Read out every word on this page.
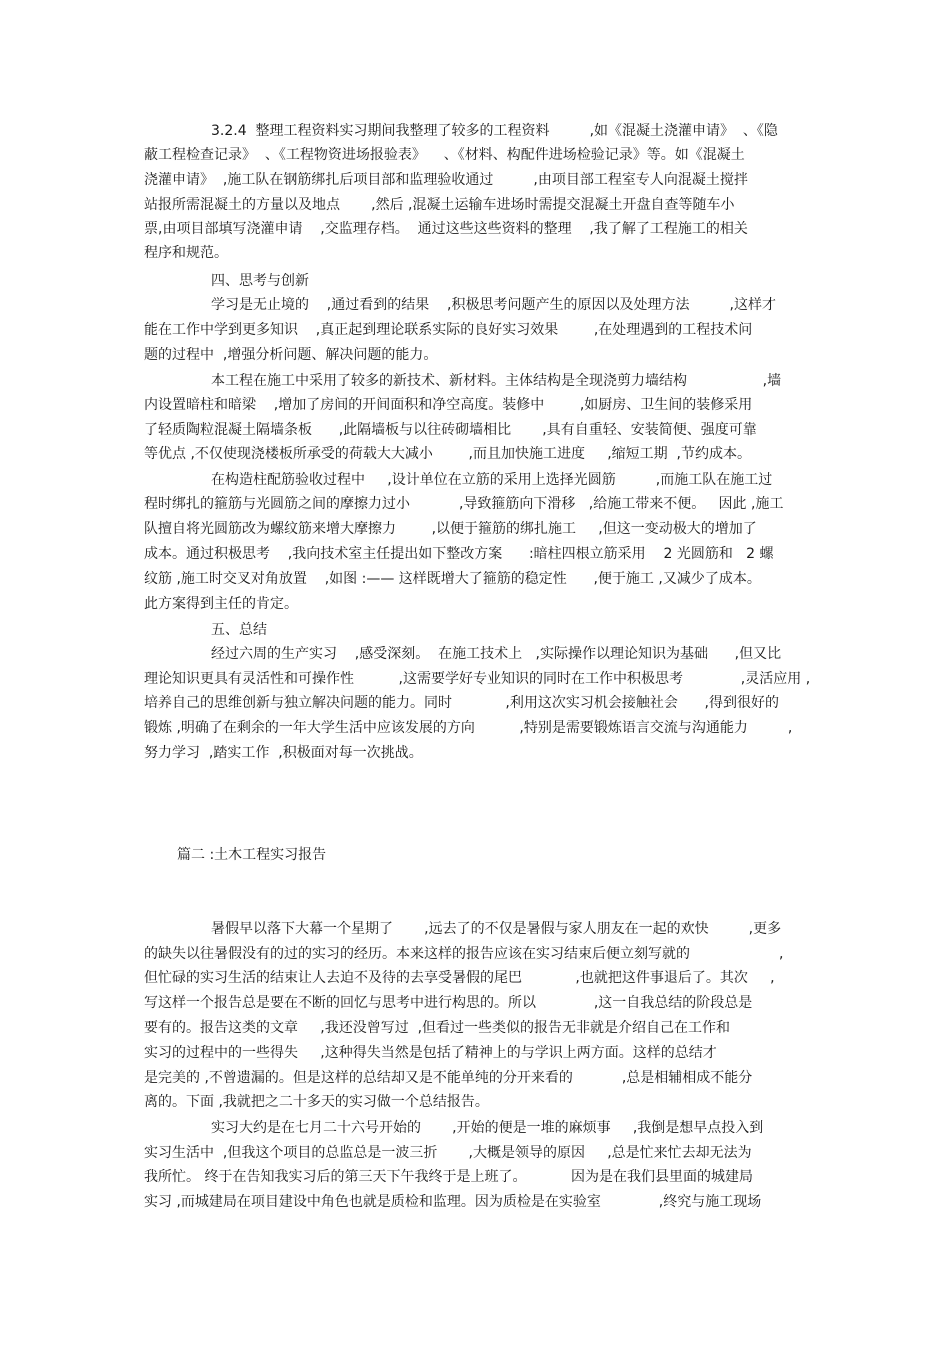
3.2.4  整理工程资料实习期间我整理了较多的工程资料         ,如《混凝土浇灌申请》  、《隐
蔽工程检查记录》  、《工程物资进场报验表》    、《材料、构配件进场检验记录》等。如《混凝土
浇灌申请》  ,施工队在钢筋绑扎后项目部和监理验收通过         ,由项目部工程室专人向混凝土搅拌
站报所需混凝土的方量以及地点       ,然后 ,混凝土运输车进场时需提交混凝土开盘自查等随车小
票,由项目部填写浇灌申请    ,交监理存档。  通过这些这些资料的整理    ,我了解了工程施工的相关
程序和规范。
四、思考与创新
学习是无止境的    ,通过看到的结果    ,积极思考问题产生的原因以及处理方法         ,这样才
能在工作中学到更多知识    ,真正起到理论联系实际的良好实习效果        ,在处理遇到的工程技术问
题的过程中  ,增强分析问题、解决问题的能力。
本工程在施工中采用了较多的新技术、新材料。主体结构是全现浇剪力墙结构                 ,墙
内设置暗柱和暗梁    ,增加了房间的开间面积和净空高度。装修中        ,如厨房、卫生间的装修采用
了轻质陶粒混凝土隔墙条板      ,此隔墙板与以往砖砌墙相比       ,具有自重轻、安装简便、强度可靠
等优点 ,不仅使现浇楼板所承受的荷载大大减小        ,而且加快施工进度     ,缩短工期  ,节约成本。
在构造柱配筋验收过程中     ,设计单位在立筋的采用上选择光圆筋         ,而施工队在施工过
程时绑扎的箍筋与光圆筋之间的摩擦力过小           ,导致箍筋向下滑移   ,给施工带来不便。   因此 ,施工
队擅自将光圆筋改为螺纹筋来增大摩擦力        ,以便于箍筋的绑扎施工     ,但这一变动极大的增加了
成本。通过积极思考    ,我向技术室主任提出如下整改方案      :暗柱四根立筋采用    2 光圆筋和   2 螺
纹筋 ,施工时交叉对角放置    ,如图 :—— 这样既增大了箍筋的稳定性      ,便于施工 ,又减少了成本。
此方案得到主任的肯定。
五、总结
经过六周的生产实习    ,感受深刻。  在施工技术上   ,实际操作以理论知识为基础      ,但又比
理论知识更具有灵活性和可操作性          ,这需要学好专业知识的同时在工作中积极思考             ,灵活应用 ,
培养自己的思维创新与独立解决问题的能力。同时            ,利用这次实习机会接触社会      ,得到很好的
锻炼 ,明确了在剩余的一年大学生活中应该发展的方向          ,特别是需要锻炼语言交流与沟通能力         ,
努力学习  ,踏实工作  ,积极面对每一次挑战。
篇二 :土木工程实习报告
暑假早以落下大幕一个星期了       ,远去了的不仅是暑假与家人朋友在一起的欢快         ,更多
的缺失以往暑假没有的过的实习的经历。本来这样的报告应该在实习结束后便立刻写就的                    ,
但忙碌的实习生活的结束让人去迫不及待的去享受暑假的尾巴            ,也就把这件事退后了。其次     ,
写这样一个报告总是要在不断的回忆与思考中进行构思的。所以             ,这一自我总结的阶段总是
要有的。报告这类的文章     ,我还没曾写过  ,但看过一些类似的报告无非就是介绍自己在工作和
实习的过程中的一些得失     ,这种得失当然是包括了精神上的与学识上两方面。这样的总结才
是完美的 ,不曾遗漏的。但是这样的总结却又是不能单纯的分开来看的           ,总是相辅相成不能分
离的。下面 ,我就把之二十多天的实习做一个总结报告。
实习大约是在七月二十六号开始的       ,开始的便是一堆的麻烦事     ,我倒是想早点投入到
实习生活中  ,但我这个项目的总监总是一波三折       ,大概是领导的原因     ,总是忙来忙去却无法为
我所忙。 终于在告知我实习后的第三天下午我终于是上班了。          因为是在我们县里面的城建局
实习 ,而城建局在项目建设中角色也就是质检和监理。因为质检是在实验室             ,终究与施工现场
